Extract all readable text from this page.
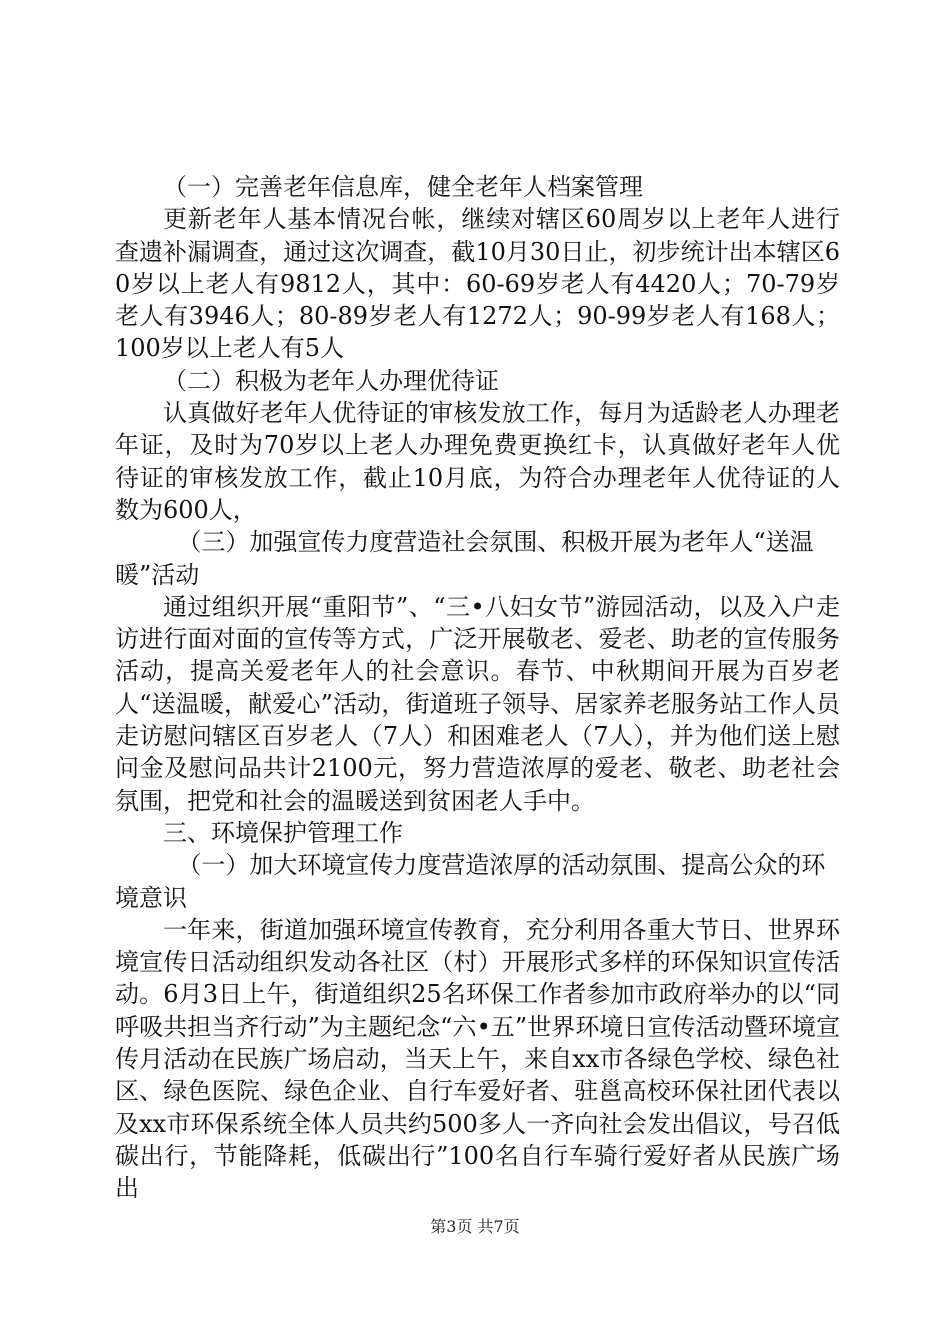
（一）完善老年信息库，健全老年人档案管理

更新老年人基本情况台帐，继续对辖区60周岁以上老年人进行查遗补漏调查，通过这次调查，截10月30日止，初步统计出本辖区60岁以上老人有9812人，其中：60-69岁老人有4420人；70-79岁老人有3946人；80-89岁老人有1272人；90-99岁老人有168人；100岁以上老人有5人

（二）积极为老年人办理优待证

认真做好老年人优待证的审核发放工作，每月为适龄老人办理老年证，及时为70岁以上老人办理免费更换红卡，认真做好老年人优待证的审核发放工作，截止10月底，为符合办理老年人优待证的人数为600人，

（三）加强宣传力度营造社会氛围、积极开展为老年人“送温暖”活动

通过组织开展“重阳节”、“三•八妇女节”游园活动，以及入户走访进行面对面的宣传等方式，广泛开展敬老、爱老、助老的宣传服务活动，提高关爱老年人的社会意识。春节、中秋期间开展为百岁老人“送温暖，献爱心”活动，街道班子领导、居家养老服务站工作人员走访慰问辖区百岁老人（7人）和困难老人（7人），并为他们送上慰问金及慰问品共计2100元，努力营造浓厚的爱老、敬老、助老社会氛围，把党和社会的温暖送到贫困老人手中。

三、环境保护管理工作

（一）加大环境宣传力度营造浓厚的活动氛围、提高公众的环境意识

一年来，街道加强环境宣传教育，充分利用各重大节日、世界环境宣传日活动组织发动各社区（村）开展形式多样的环保知识宣传活动。6月3日上午，街道组织25名环保工作者参加市政府举办的以“同呼吸共担当齐行动”为主题纪念“六•五”世界环境日宣传活动暨环境宣传月活动在民族广场启动，当天上午，来自xx市各绿色学校、绿色社区、绿色医院、绿色企业、自行车爱好者、驻邕高校环保社团代表以及xx市环保系统全体人员共约500多人一齐向社会发出倡议，号召低碳出行，节能降耗，低碳出行”100名自行车骑行爱好者从民族广场出

第3页 共7页
